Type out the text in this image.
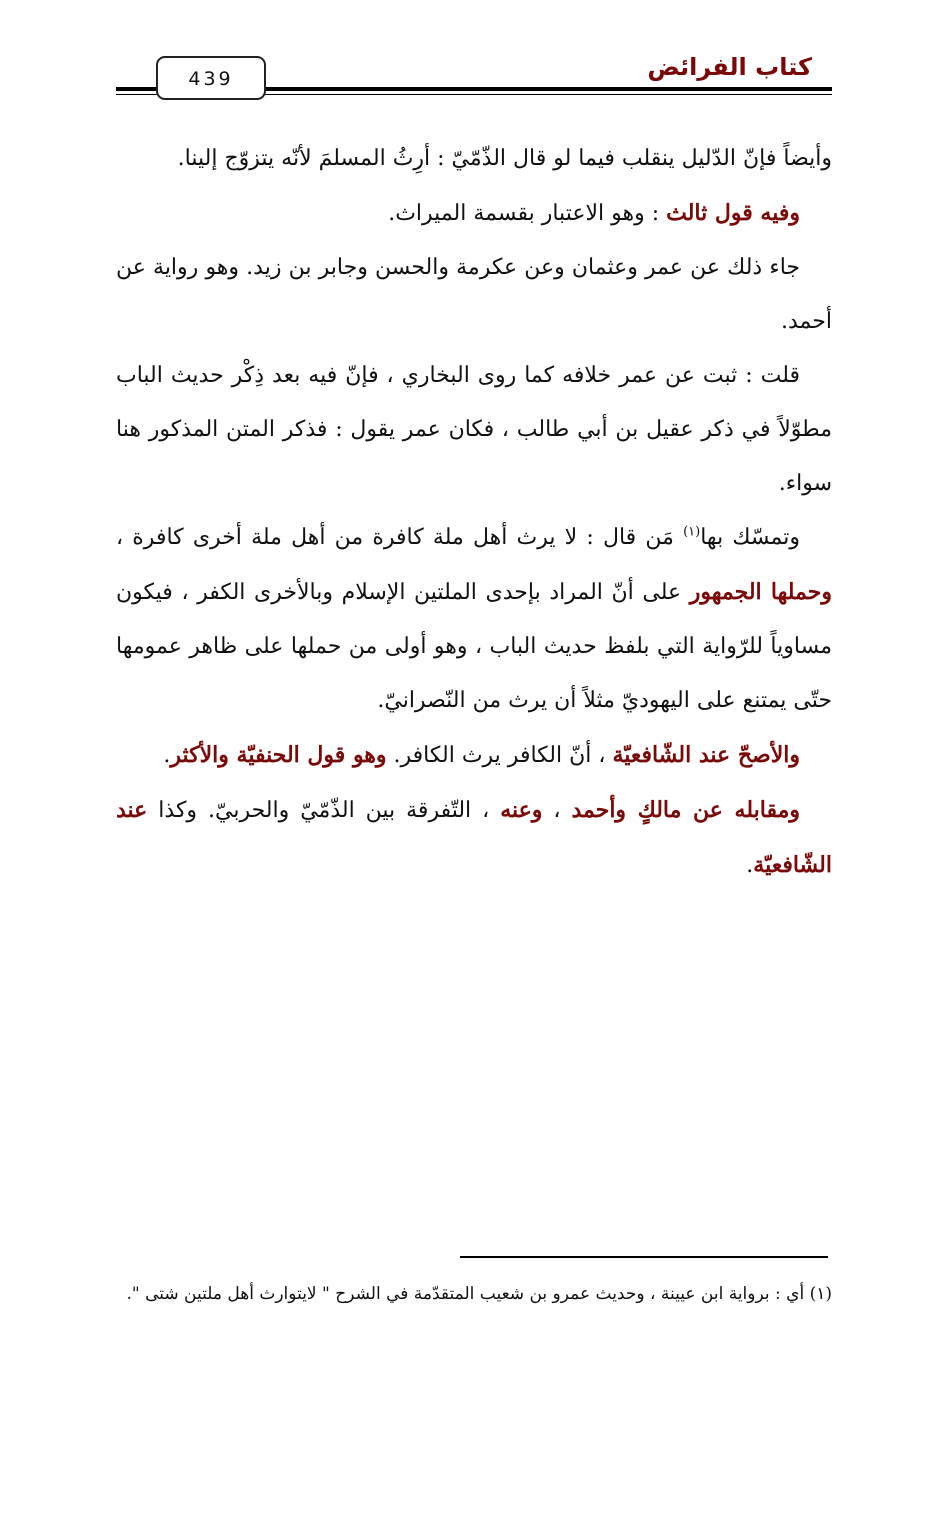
439	كتاب الفرائض

وأيضاً فإنّ الدّليل ينقلب فيما لو قال الذّمّيّ : أرِثُ المسلمَ لأنّه يتزوّج إلينا.

وفيه قول ثالث : وهو الاعتبار بقسمة الميراث.

جاء ذلك عن عمر وعثمان وعن عكرمة والحسن وجابر بن زيد. وهو رواية عن أحمد.

قلت : ثبت عن عمر خلافه كما روى البخاري ، فإنّ فيه بعد ذِكْر حديث الباب مطوّلاً في ذكر عقيل بن أبي طالب ، فكان عمر يقول : فذكر المتن المذكور هنا سواء.

وتمسّك بها$^{(١)}$ مَن قال : لا يرث أهل ملة كافرة من أهل ملة أخرى كافرة ، وحملها الجمهور على أنّ المراد بإحدى الملتين الإسلام وبالأخرى الكفر ، فيكون مساوياً للرّواية التي بلفظ حديث الباب ، وهو أولى من حملها على ظاهر عمومها حتّى يمتنع على اليهوديّ مثلاً أن يرث من النّصرانيّ.

والأصحّ عند الشّافعيّة ، أنّ الكافر يرث الكافر. وهو قول الحنفيّة والأكثر.

ومقابله عن مالكٍ وأحمد ، وعنه ، التّفرقة بين الذّمّيّ والحربيّ. وكذا عند الشّافعيّة.

(١) أي : برواية ابن عيينة ، وحديث عمرو بن شعيب المتقدّمة في الشرح " لايتوارث أهل ملتين شتى ".
